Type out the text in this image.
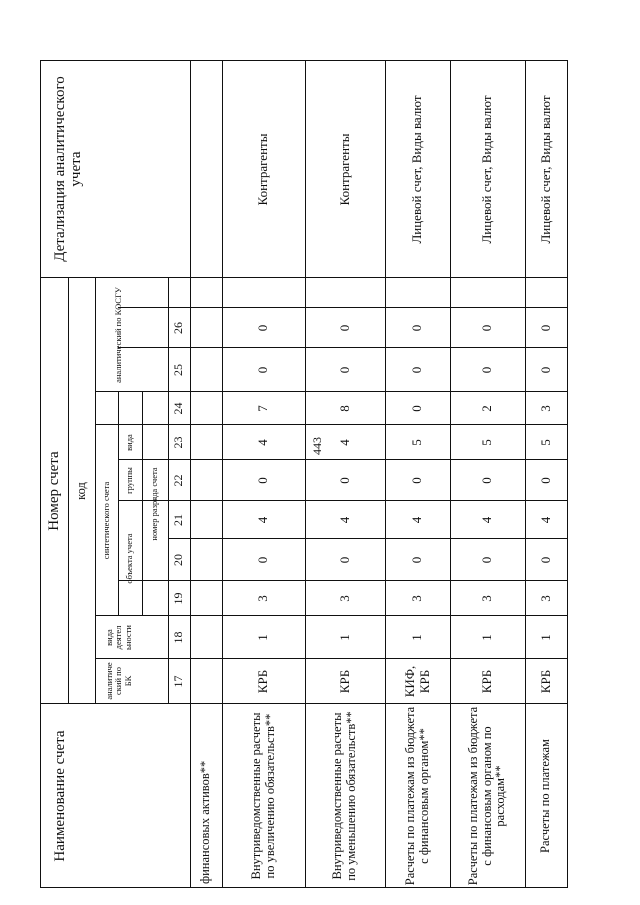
443
Наименование счета
Номер счета
Детализация аналитического учета
код
аналитиче ский по БК
вида деятел ьности
синтетического счета
аналитический по КОСГУ
объекта учета
группы
вида
номер разряда счета
17
18
19
20
21
22
23
24
25
26
финансовых активов**	Внутриведомственные расчеты по увеличению обязательств**
КРБ
1
3
0
4
0
4
7
0
0
Контрагенты
Внутриведомственные расчеты по уменьшению обязательств**
КРБ
1
3
0
4
0
4
8
0
0
Контрагенты
Расчеты по платежам из бюджета с финансовым органом**
КИФ, КРБ
1
3
0
4
0
5
0
0
0
Лицевой счет, Виды валют
Расчеты по платежам из бюджета с финансовым органом по расходам**
КРБ
1
3
0
4
0
5
2
0
0
Лицевой счет, Виды валют
Расчеты по платежам
КРБ
1
3
0
4
0
5
3
0
0
Лицевой счет, Виды валют
